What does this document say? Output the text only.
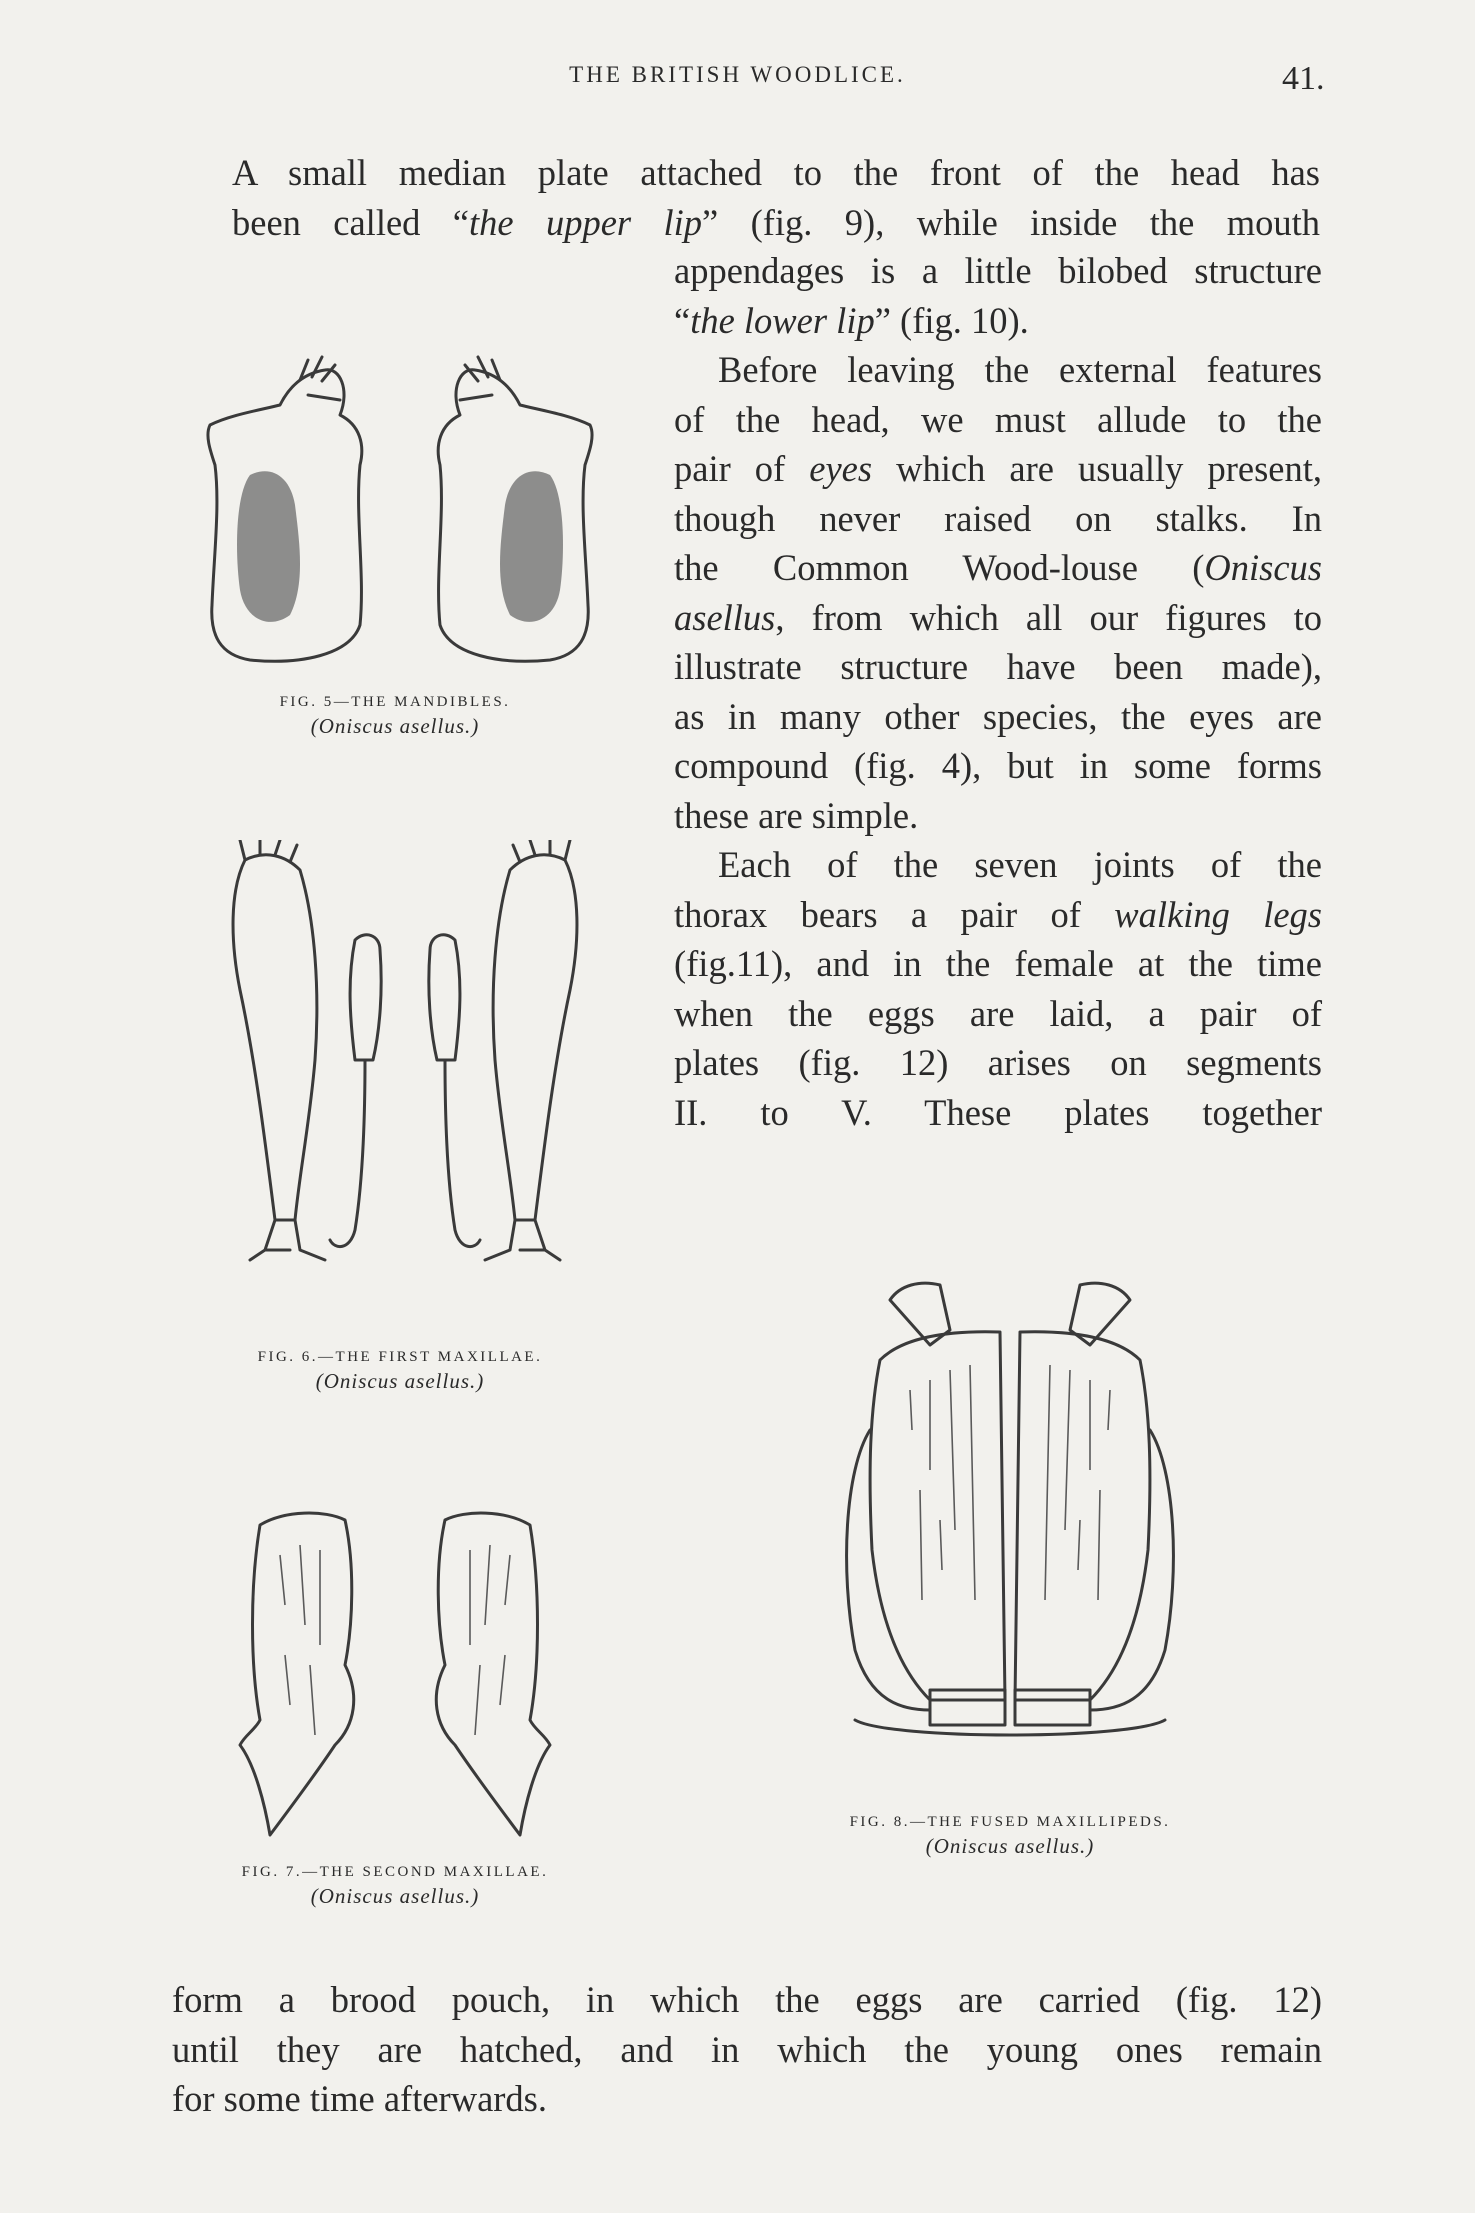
THE BRITISH WOODLICE.	41.
A small median plate attached to the front of the head has
been called “the upper lip” (fig. 9), while inside the mouth

appendages is a little bilobed structure
“the lower lip” (fig. 10).

Before leaving the external features
of the head, we must allude to the
pair of eyes which are usually present,
though never raised on stalks. In
the Common Wood-louse (Oniscus
asellus, from which all our figures to
illustrate structure have been made),
as in many other species, the eyes are
compound (fig. 4), but in some forms
these are simple.

Each of the seven joints of the
thorax bears a pair of walking legs
(fig.11), and in the female at the time
when the eggs are laid, a pair of
plates (fig. 12) arises on segments
II. to V. These plates together

FIG. 5—THE MANDIBLES.
(Oniscus asellus.)
FIG. 6.—THE FIRST MAXILLAE.
(Oniscus asellus.)
FIG. 7.—THE SECOND MAXILLAE.
(Oniscus asellus.)
FIG. 8.—THE FUSED MAXILLIPEDS.
(Oniscus asellus.)
form a brood pouch, in which the eggs are carried (fig. 12)
until they are hatched, and in which the young ones remain
for some time afterwards.
